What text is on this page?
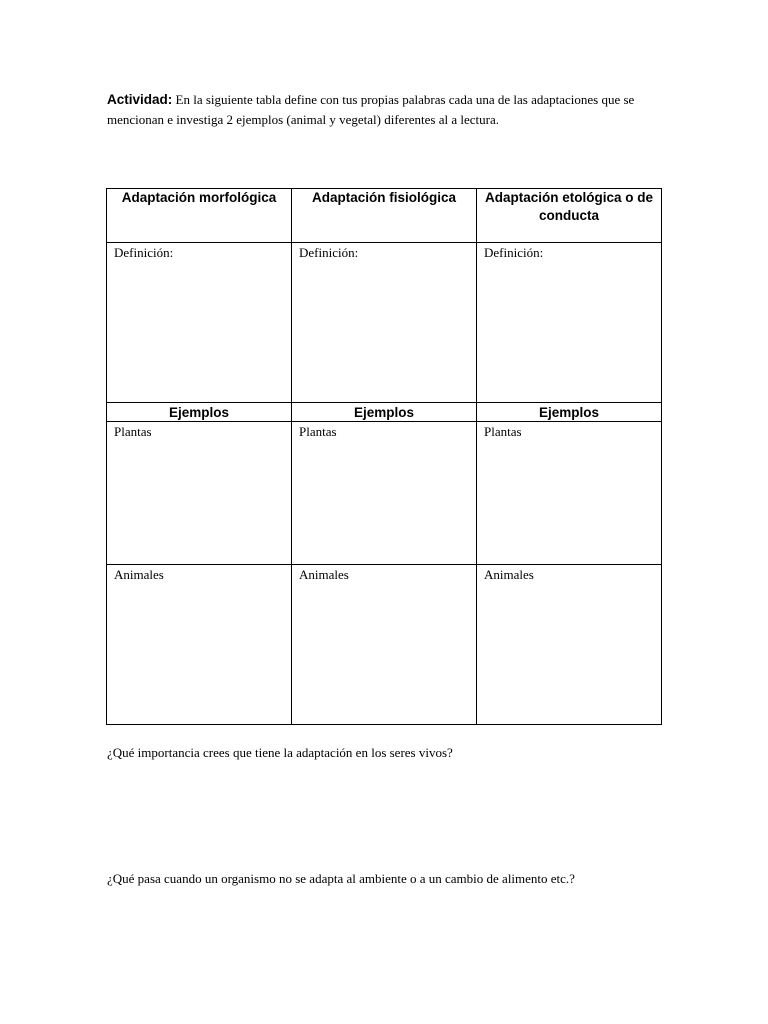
Actividad: En la siguiente tabla define con tus propias palabras cada una de las adaptaciones que se mencionan e investiga 2 ejemplos (animal y vegetal) diferentes al a lectura.
Adaptación morfológica	Adaptación fisiológica	Adaptación etológica o de conducta

Definición:	Definición:	Definición:

Ejemplos	Ejemplos	Ejemplos

Plantas	Plantas	Plantas

Animales	Animales	Animales
¿Qué importancia crees que tiene la adaptación en los seres vivos?
¿Qué pasa cuando un organismo no se adapta al ambiente o a un cambio de alimento etc.?
